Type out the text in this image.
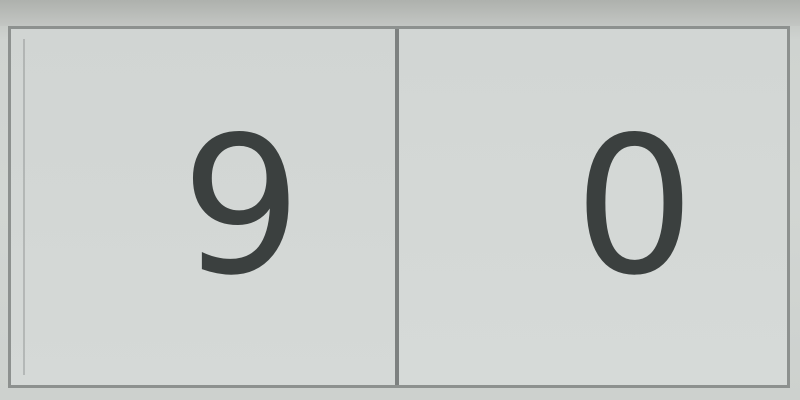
9 0
